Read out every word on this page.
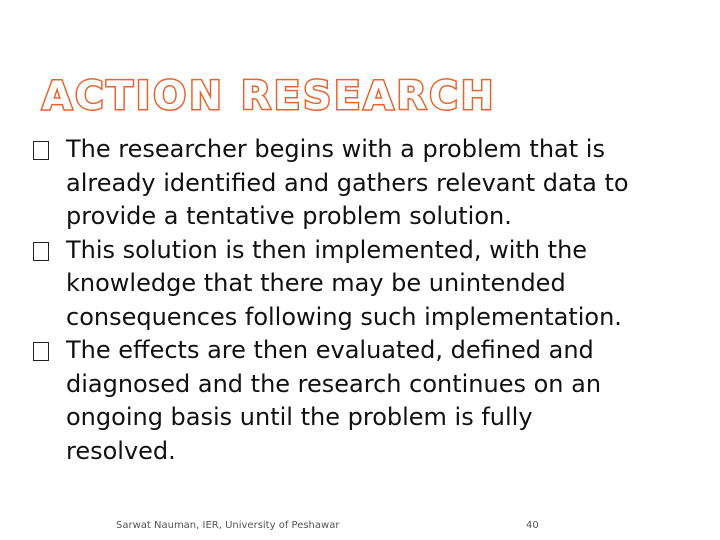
ACTION RESEARCH
The researcher begins with a problem that is already identified and gathers relevant data to provide a tentative problem solution.
This solution is then implemented, with the knowledge that there may be unintended consequences following such implementation.
The effects are then evaluated, defined and diagnosed and the research continues on an ongoing basis until the problem is fully resolved.
Sarwat Nauman, IER, University of Peshawar	40
